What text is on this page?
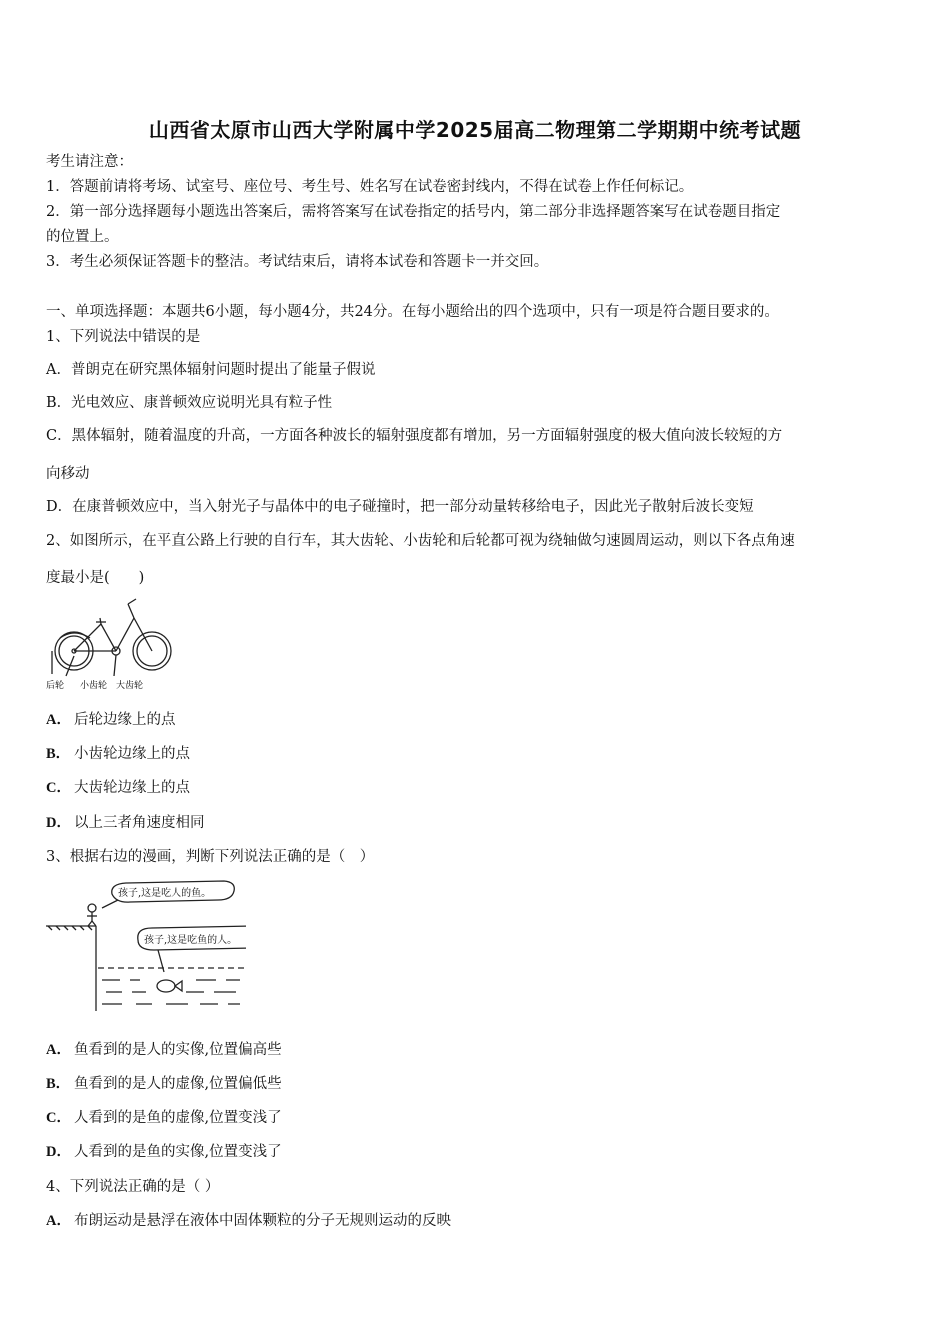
山西省太原市山西大学附属中学2025届高二物理第二学期期中统考试题
考生请注意：
1．答题前请将考场、试室号、座位号、考生号、姓名写在试卷密封线内，不得在试卷上作任何标记。
2．第一部分选择题每小题选出答案后，需将答案写在试卷指定的括号内，第二部分非选择题答案写在试卷题目指定
的位置上。
3．考生必须保证答题卡的整洁。考试结束后，请将本试卷和答题卡一并交回。
一、单项选择题：本题共6小题，每小题4分，共24分。在每小题给出的四个选项中，只有一项是符合题目要求的。
1、下列说法中错误的是
A．普朗克在研究黑体辐射问题时提出了能量子假说
B．光电效应、康普顿效应说明光具有粒子性
C．黑体辐射，随着温度的升高，一方面各种波长的辐射强度都有增加，另一方面辐射强度的极大值向波长较短的方
向移动
D．在康普顿效应中，当入射光子与晶体中的电子碰撞时，把一部分动量转移给电子，因此光子散射后波长变短
2、如图所示，在平直公路上行驶的自行车，其大齿轮、小齿轮和后轮都可视为绕轴做匀速圆周运动，则以下各点角速
度最小是(　　)
后轮 小齿轮 大齿轮
A． 后轮边缘上的点
B． 小齿轮边缘上的点
C． 大齿轮边缘上的点
D． 以上三者角速度相同
3、根据右边的漫画，判断下列说法正确的是（　）
孩子,这是吃人的鱼。
孩子,这是吃鱼的人。
A． 鱼看到的是人的实像,位置偏高些
B． 鱼看到的是人的虚像,位置偏低些
C． 人看到的是鱼的虚像,位置变浅了
D． 人看到的是鱼的实像,位置变浅了
4、下列说法正确的是（ ）
A． 布朗运动是悬浮在液体中固体颗粒的分子无规则运动的反映
